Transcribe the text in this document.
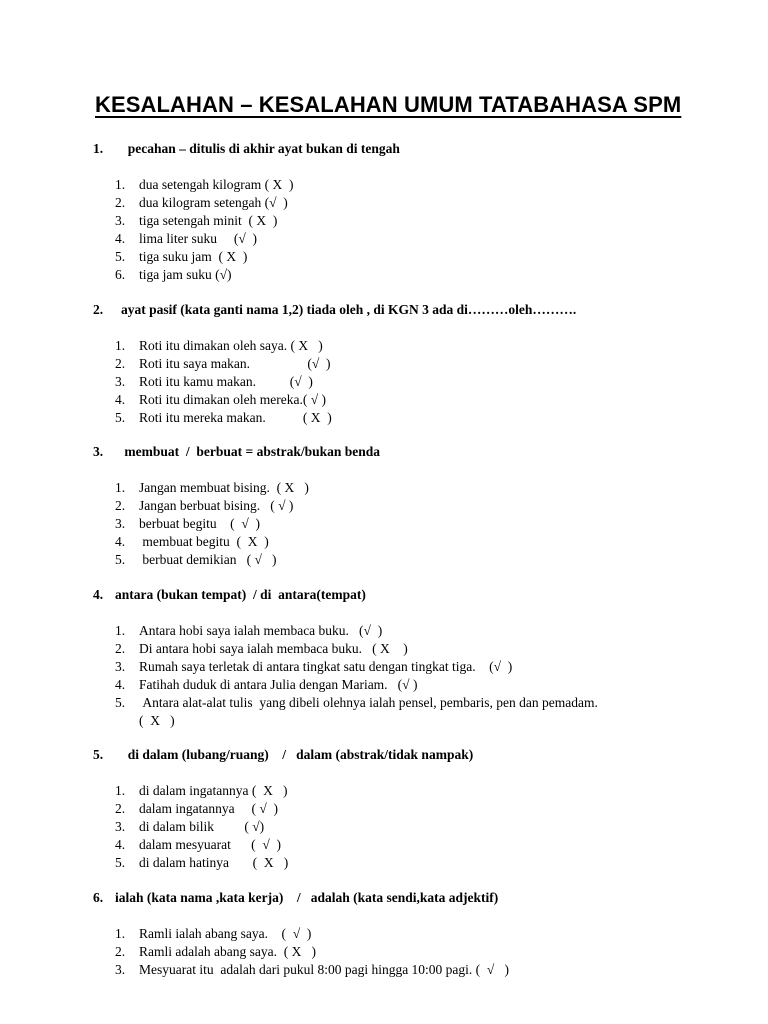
KESALAHAN – KESALAHAN UMUM TATABAHASA SPM

1.  pecahan – ditulis di akhir ayat bukan di tengah

1. dua setengah kilogram ( X  )
2. dua kilogram setengah (√  )
3. tiga setengah minit  ( X  )
4. lima liter suku     (√  )
5. tiga suku jam  ( X  )
6. tiga jam suku (√)

2. ayat pasif (kata ganti nama 1,2) tiada oleh , di KGN 3 ada di………oleh……….

1. Roti itu dimakan oleh saya. ( X   )
2. Roti itu saya makan.                 (√  )
3. Roti itu kamu makan.          (√  )
4. Roti itu dimakan oleh mereka.( √ )
5. Roti itu mereka makan.           ( X  )

3. membuat  /  berbuat = abstrak/bukan benda

1. Jangan membuat bising.  ( X   )
2. Jangan berbuat bising.   ( √ )
3. berbuat begitu    (  √  )
4. membuat begitu  (  X  )
5. berbuat demikian   ( √   )

4. antara (bukan tempat)  / di  antara(tempat)

1. Antara hobi saya ialah membaca buku.   (√  )
2. Di antara hobi saya ialah membaca buku.   ( X    )
3. Rumah saya terletak di antara tingkat satu dengan tingkat tiga.    (√  )
4. Fatihah duduk di antara Julia dengan Mariam.   (√ )
5. Antara alat-alat tulis  yang dibeli olehnya ialah pensel, pembaris, pen dan pemadam.  (  X   )

5.  di dalam (lubang/ruang)    /   dalam (abstrak/tidak nampak)

1. di dalam ingatannya (  X   )
2. dalam ingatannya     ( √  )
3. di dalam bilik         ( √)
4. dalam mesyuarat      (  √  )
5. di dalam hatinya       (  X   )

6. ialah (kata nama ,kata kerja)    /   adalah (kata sendi,kata adjektif)

1. Ramli ialah abang saya.    (  √  )
2. Ramli adalah abang saya.  ( X   )
3. Mesyuarat itu  adalah dari pukul 8:00 pagi hingga 10:00 pagi. (  √   )
